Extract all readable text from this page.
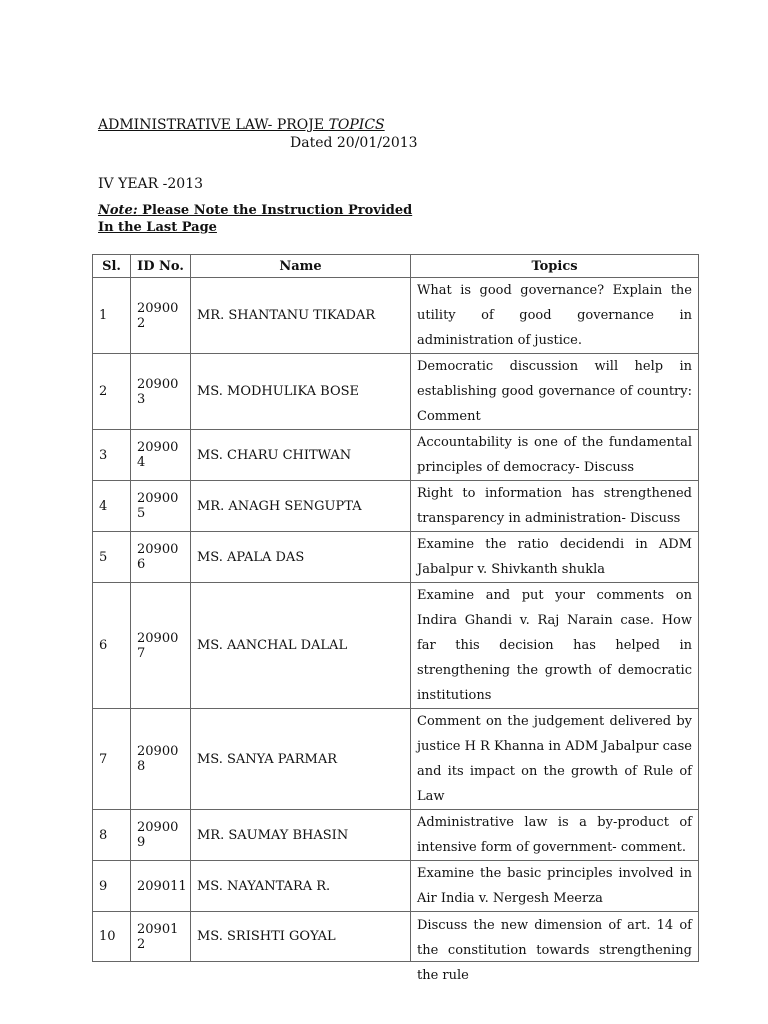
ADMINISTRATIVE LAW- PROJE TOPICS
Dated 20/01/2013
IV YEAR -2013
Note: Please Note the Instruction Provided In the Last Page
Sl.	ID No.	Name	Topics
1	20900 2	MR. SHANTANU TIKADAR	What is good governance? Explain the utility of good governance in administration of justice.
2	20900 3	MS. MODHULIKA BOSE	Democratic discussion will help in establishing good governance of country: Comment
3	20900 4	MS. CHARU CHITWAN	Accountability is one of the fundamental principles of democracy- Discuss
4	20900 5	MR. ANAGH SENGUPTA	Right to information has strengthened transparency in administration- Discuss
5	20900 6	MS. APALA DAS	Examine the ratio decidendi in ADM Jabalpur v. Shivkanth shukla
6	20900 7	MS. AANCHAL DALAL	Examine and put your comments on Indira Ghandi v. Raj Narain case. How far this decision has helped in strengthening the growth of democratic institutions
7	20900 8	MS. SANYA PARMAR	Comment on the judgement delivered by justice H R Khanna in ADM Jabalpur case and its impact on the growth of Rule of Law
8	20900 9	MR. SAUMAY BHASIN	Administrative law is a by-product of intensive form of government- comment.
9	209011	MS. NAYANTARA R.	Examine the basic principles involved in Air India v. Nergesh Meerza
10	20901 2	MS. SRISHTI GOYAL	Discuss the new dimension of art. 14 of the constitution towards strengthening the rule
